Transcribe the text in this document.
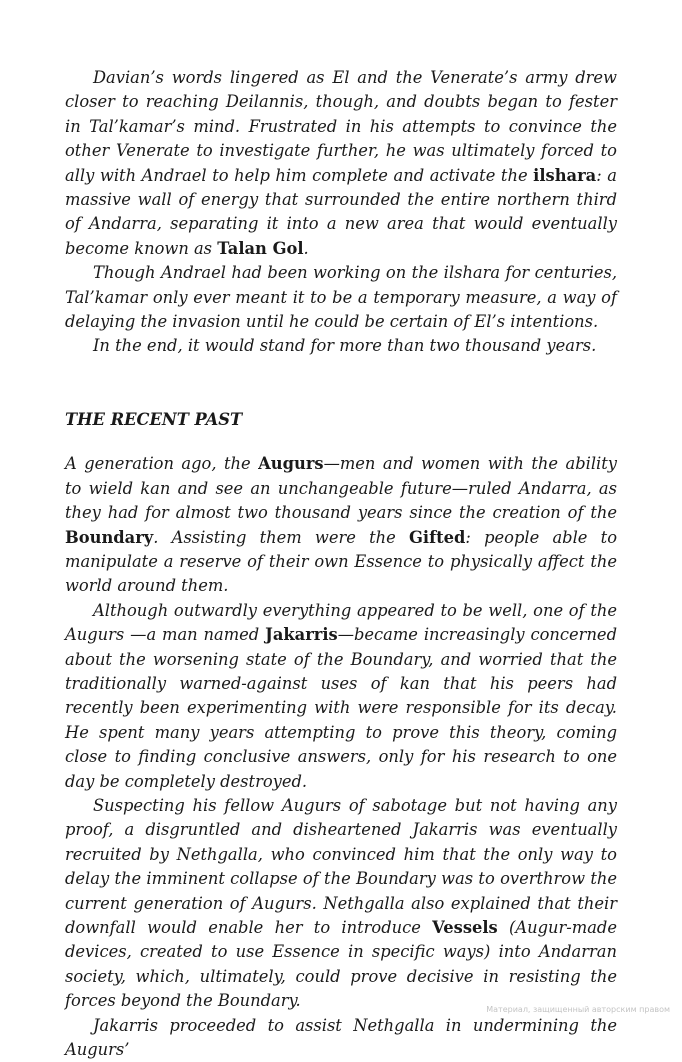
Davian’s words lingered as El and the Venerate’s army drew closer to reaching Deilannis, though, and doubts began to fester in Tal’kamar’s mind. Frustrated in his attempts to convince the other Venerate to investigate further, he was ultimately forced to ally with Andrael to help him complete and activate the ilshara: a massive wall of energy that surrounded the entire northern third of Andarra, separating it into a new area that would eventually become known as Talan Gol.

Though Andrael had been working on the ilshara for centuries, Tal’kamar only ever meant it to be a temporary measure, a way of delaying the invasion until he could be certain of El’s intentions.

In the end, it would stand for more than two thousand years.

THE RECENT PAST

A generation ago, the Augurs—men and women with the ability to wield kan and see an unchangeable future—ruled Andarra, as they had for almost two thousand years since the creation of the Boundary. Assisting them were the Gifted: people able to manipulate a reserve of their own Essence to physically affect the world around them.

Although outwardly everything appeared to be well, one of the Augurs —a man named Jakarris—became increasingly concerned about the worsening state of the Boundary, and worried that the traditionally warned-against uses of kan that his peers had recently been experimenting with were responsible for its decay. He spent many years attempting to prove this theory, coming close to finding conclusive answers, only for his research to one day be completely destroyed.

Suspecting his fellow Augurs of sabotage but not having any proof, a disgruntled and disheartened Jakarris was eventually recruited by Nethgalla, who convinced him that the only way to delay the imminent collapse of the Boundary was to overthrow the current generation of Augurs. Nethgalla also explained that their downfall would enable her to introduce Vessels (Augur-made devices, created to use Essence in specific ways) into Andarran society, which, ultimately, could prove decisive in resisting the forces beyond the Boundary.

Jakarris proceeded to assist Nethgalla in undermining the Augurs’

Материал, защищенный авторским правом
